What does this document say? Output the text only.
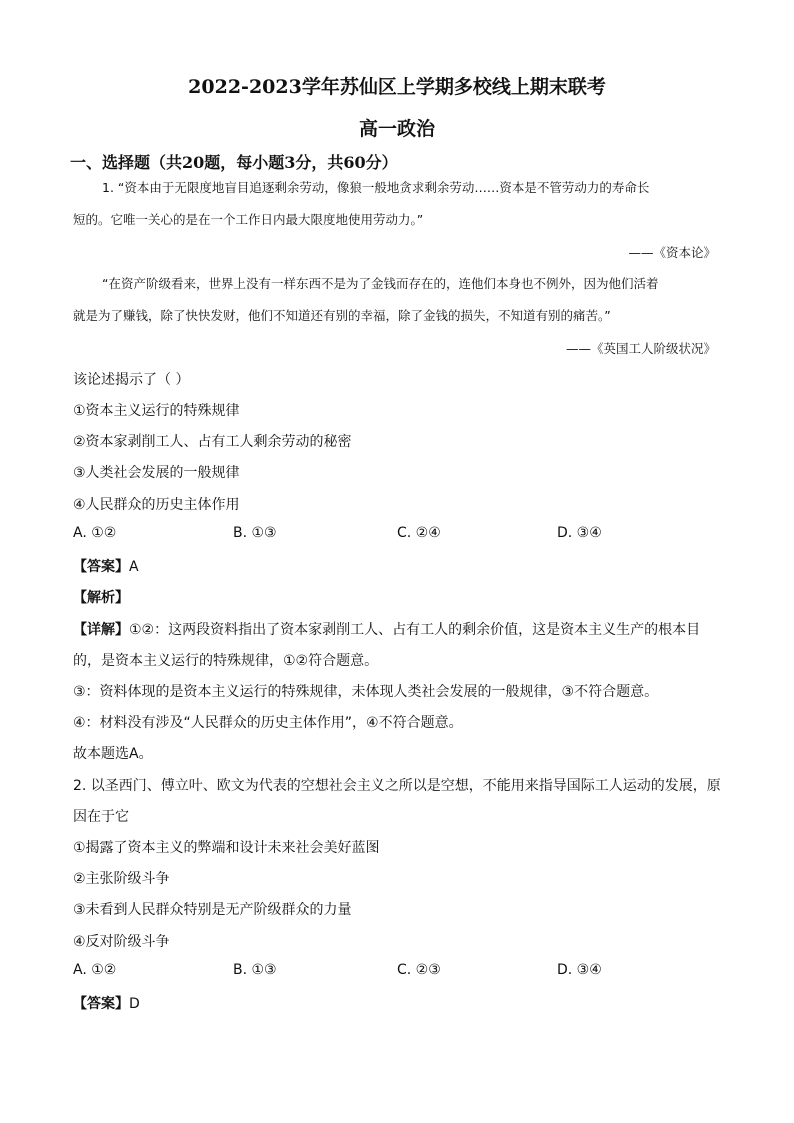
2022-2023学年苏仙区上学期多校线上期末联考
高一政治
一、选择题（共20题，每小题3分，共60分）
1. “资本由于无限度地盲目追逐剩余劳动，像狼一般地贪求剩余劳动……资本是不管劳动力的寿命长
短的。它唯一关心的是在一个工作日内最大限度地使用劳动力。”
——《资本论》
“在资产阶级看来，世界上没有一样东西不是为了金钱而存在的，连他们本身也不例外，因为他们活着
就是为了赚钱，除了快快发财，他们不知道还有别的幸福，除了金钱的损失，不知道有别的痛苦。”
——《英国工人阶级状况》
该论述揭示了（ ）
①资本主义运行的特殊规律
②资本家剥削工人、占有工人剩余劳动的秘密
③人类社会发展的一般规律
④人民群众的历史主体作用
A. ①②	B. ①③	C. ②④	D. ③④
【答案】A
【解析】
【详解】①②：这两段资料指出了资本家剥削工人、占有工人的剩余价值，这是资本主义生产的根本目
的，是资本主义运行的特殊规律，①②符合题意。
③：资料体现的是资本主义运行的特殊规律，未体现人类社会发展的一般规律，③不符合题意。
④：材料没有涉及“人民群众的历史主体作用”，④不符合题意。
故本题选A。
2. 以圣西门、傅立叶、欧文为代表的空想社会主义之所以是空想，不能用来指导国际工人运动的发展，原
因在于它
①揭露了资本主义的弊端和设计未来社会美好蓝图
②主张阶级斗争
③未看到人民群众特别是无产阶级群众的力量
④反对阶级斗争
A. ①②	B. ①③	C. ②③	D. ③④
【答案】D
